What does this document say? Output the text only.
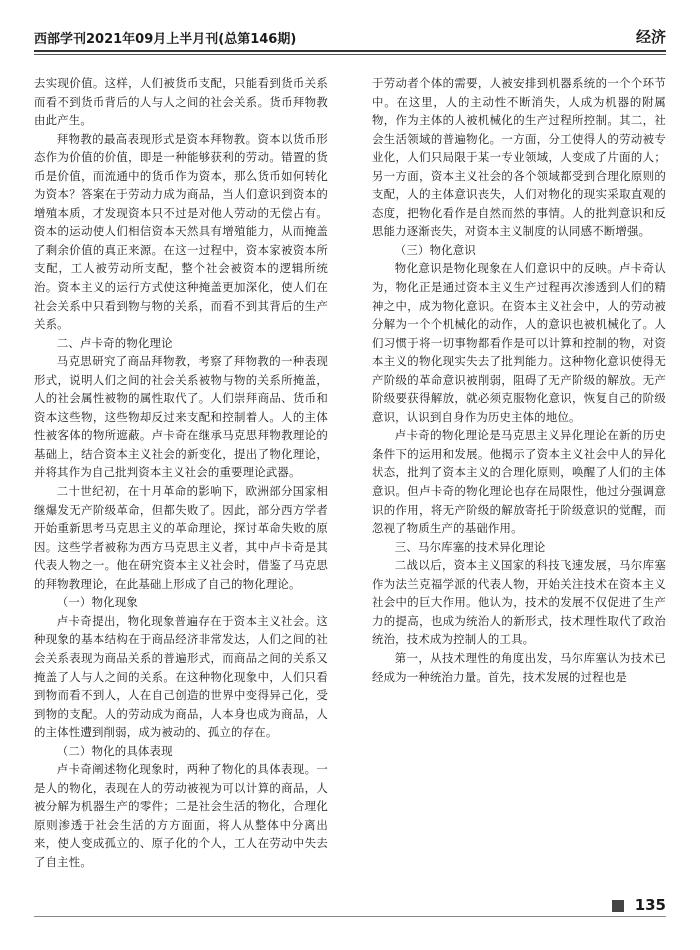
西部学刊2021年09月上半月刊(总第146期)	经济

去实现价值。这样，人们被货币支配，只能看到货币关系而看不到货币背后的人与人之间的社会关系。货币拜物教由此产生。

拜物教的最高表现形式是资本拜物教。资本以货币形态作为价值的价值，即是一种能够获利的劳动。错置的货币是价值，而流通中的货币作为资本，那么货币如何转化为资本？答案在于劳动力成为商品，当人们意识到资本的增殖本质，才发现资本只不过是对他人劳动的无偿占有。资本的运动使人们相信资本天然具有增殖能力，从而掩盖了剩余价值的真正来源。在这一过程中，资本家被资本所支配，工人被劳动所支配，整个社会被资本的逻辑所统治。资本主义的运行方式使这种掩盖更加深化，使人们在社会关系中只看到物与物的关系，而看不到其背后的生产关系。

二、卢卡奇的物化理论

马克思研究了商品拜物教，考察了拜物教的一种表现形式，说明人们之间的社会关系被物与物的关系所掩盖，人的社会属性被物的属性取代了。人们崇拜商品、货币和资本这些物，这些物却反过来支配和控制着人。人的主体性被客体的物所遮蔽。卢卡奇在继承马克思拜物教理论的基础上，结合资本主义社会的新变化，提出了物化理论，并将其作为自己批判资本主义社会的重要理论武器。

二十世纪初，在十月革命的影响下，欧洲部分国家相继爆发无产阶级革命，但都失败了。因此，部分西方学者开始重新思考马克思主义的革命理论，探讨革命失败的原因。这些学者被称为西方马克思主义者，其中卢卡奇是其代表人物之一。他在研究资本主义社会时，借鉴了马克思的拜物教理论，在此基础上形成了自己的物化理论。

（一）物化现象

卢卡奇提出，物化现象普遍存在于资本主义社会。这种现象的基本结构在于商品经济非常发达，人们之间的社会关系表现为商品关系的普遍形式，而商品之间的关系又掩盖了人与人之间的关系。在这种物化现象中，人们只看到物而看不到人，人在自己创造的世界中变得异己化，受到物的支配。人的劳动成为商品，人本身也成为商品，人的主体性遭到削弱，成为被动的、孤立的存在。

（二）物化的具体表现

卢卡奇阐述物化现象时，两种了物化的具体表现。一是人的物化，表现在人的劳动被视为可以计算的商品，人被分解为机器生产的零件；二是社会生活的物化，合理化原则渗透于社会生活的方方面面，将人从整体中分离出来，使人变成孤立的、原子化的个人，工人在劳动中失去了自主性。

于劳动者个体的需要，人被安排到机器系统的一个个环节中。在这里，人的主动性不断消失，人成为机器的附属物，作为主体的人被机械化的生产过程所控制。其二，社会生活领域的普遍物化。一方面，分工使得人的劳动被专业化，人们只局限于某一专业领域，人变成了片面的人；另一方面，资本主义社会的各个领域都受到合理化原则的支配，人的主体意识丧失，人们对物化的现实采取直观的态度，把物化看作是自然而然的事情。人的批判意识和反思能力逐渐丧失，对资本主义制度的认同感不断增强。

（三）物化意识

物化意识是物化现象在人们意识中的反映。卢卡奇认为，物化正是通过资本主义生产过程再次渗透到人们的精神之中，成为物化意识。在资本主义社会中，人的劳动被分解为一个个机械化的动作，人的意识也被机械化了。人们习惯于将一切事物都看作是可以计算和控制的物，对资本主义的物化现实失去了批判能力。这种物化意识使得无产阶级的革命意识被削弱，阻碍了无产阶级的解放。无产阶级要获得解放，就必须克服物化意识，恢复自己的阶级意识，认识到自身作为历史主体的地位。

卢卡奇的物化理论是马克思主义异化理论在新的历史条件下的运用和发展。他揭示了资本主义社会中人的异化状态，批判了资本主义的合理化原则，唤醒了人们的主体意识。但卢卡奇的物化理论也存在局限性，他过分强调意识的作用，将无产阶级的解放寄托于阶级意识的觉醒，而忽视了物质生产的基础作用。

三、马尔库塞的技术异化理论

二战以后，资本主义国家的科技飞速发展，马尔库塞作为法兰克福学派的代表人物，开始关注技术在资本主义社会中的巨大作用。他认为，技术的发展不仅促进了生产力的提高，也成为统治人的新形式，技术理性取代了政治统治，技术成为控制人的工具。

第一，从技术理性的角度出发，马尔库塞认为技术已经成为一种统治力量。首先，技术发展的过程也是

135
